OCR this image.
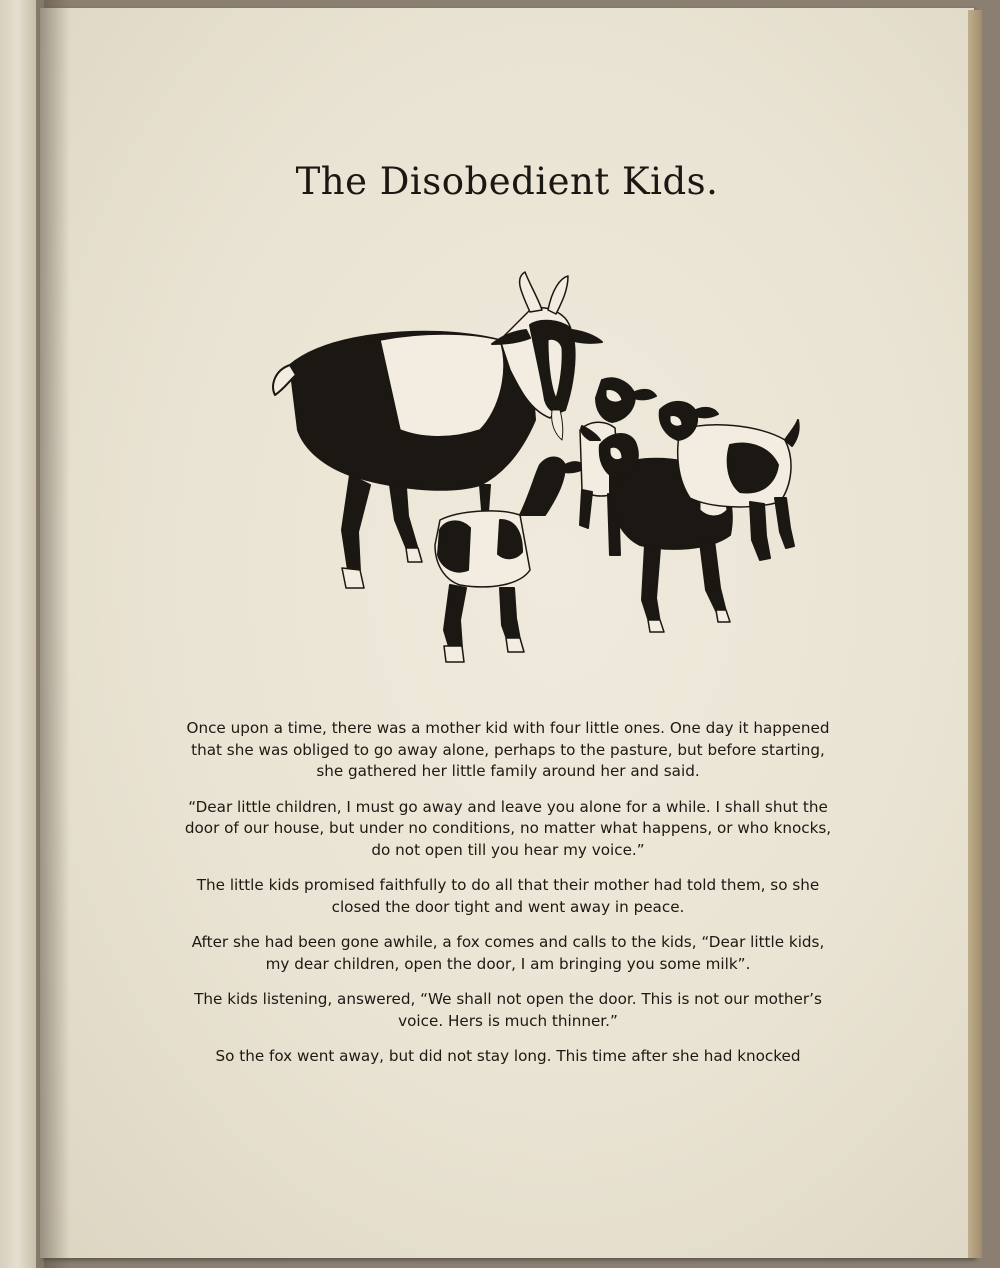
The Disobedient Kids.

Once upon a time, there was a mother kid with four little ones. One day it happened that she was obliged to go away alone, perhaps to the pasture, but before starting, she gathered her little family around her and said.

“Dear little children, I must go away and leave you alone for a while. I shall shut the door of our house, but under no conditions, no matter what happens, or who knocks, do not open till you hear my voice.”

The little kids promised faithfully to do all that their mother had told them, so she closed the door tight and went away in peace.

After she had been gone awhile, a fox comes and calls to the kids, “Dear little kids, my dear children, open the door, I am bringing you some milk”.

The kids listening, answered, “We shall not open the door. This is not our mother’s voice. Hers is much thinner.”

So the fox went away, but did not stay long. This time after she had knocked
